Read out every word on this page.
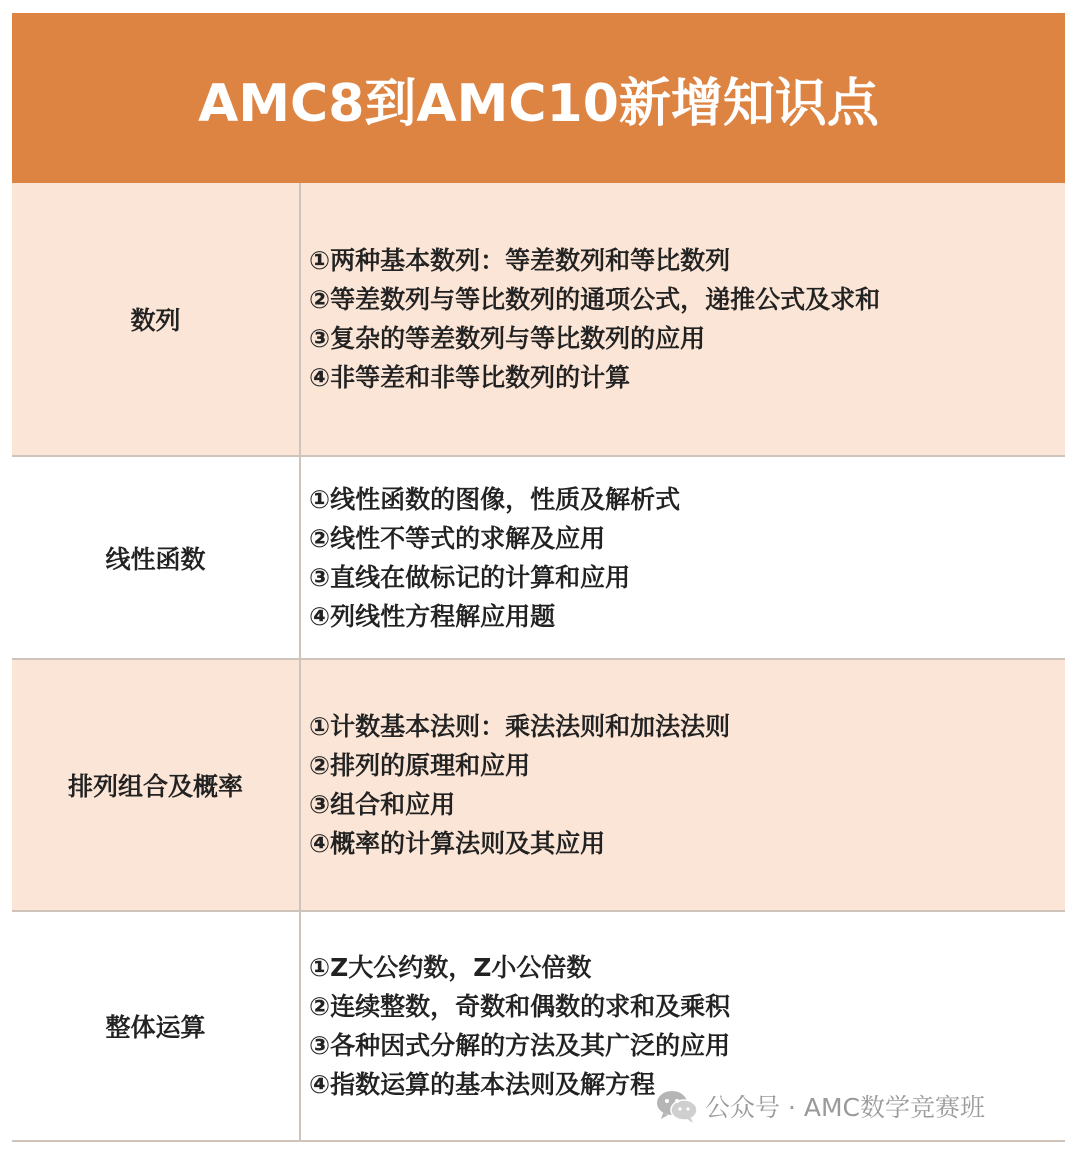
AMC8到AMC10新增知识点
数列
①两种基本数列：等差数列和等比数列
②等差数列与等比数列的通项公式，递推公式及求和
③复杂的等差数列与等比数列的应用
④非等差和非等比数列的计算
线性函数
①线性函数的图像，性质及解析式
②线性不等式的求解及应用
③直线在做标记的计算和应用
④列线性方程解应用题
排列组合及概率
①计数基本法则：乘法法则和加法法则
②排列的原理和应用
③组合和应用
④概率的计算法则及其应用
整体运算
①Z大公约数，Z小公倍数
②连续整数，奇数和偶数的求和及乘积
③各种因式分解的方法及其广泛的应用
④指数运算的基本法则及解方程
公众号 · AMC数学竞赛班
